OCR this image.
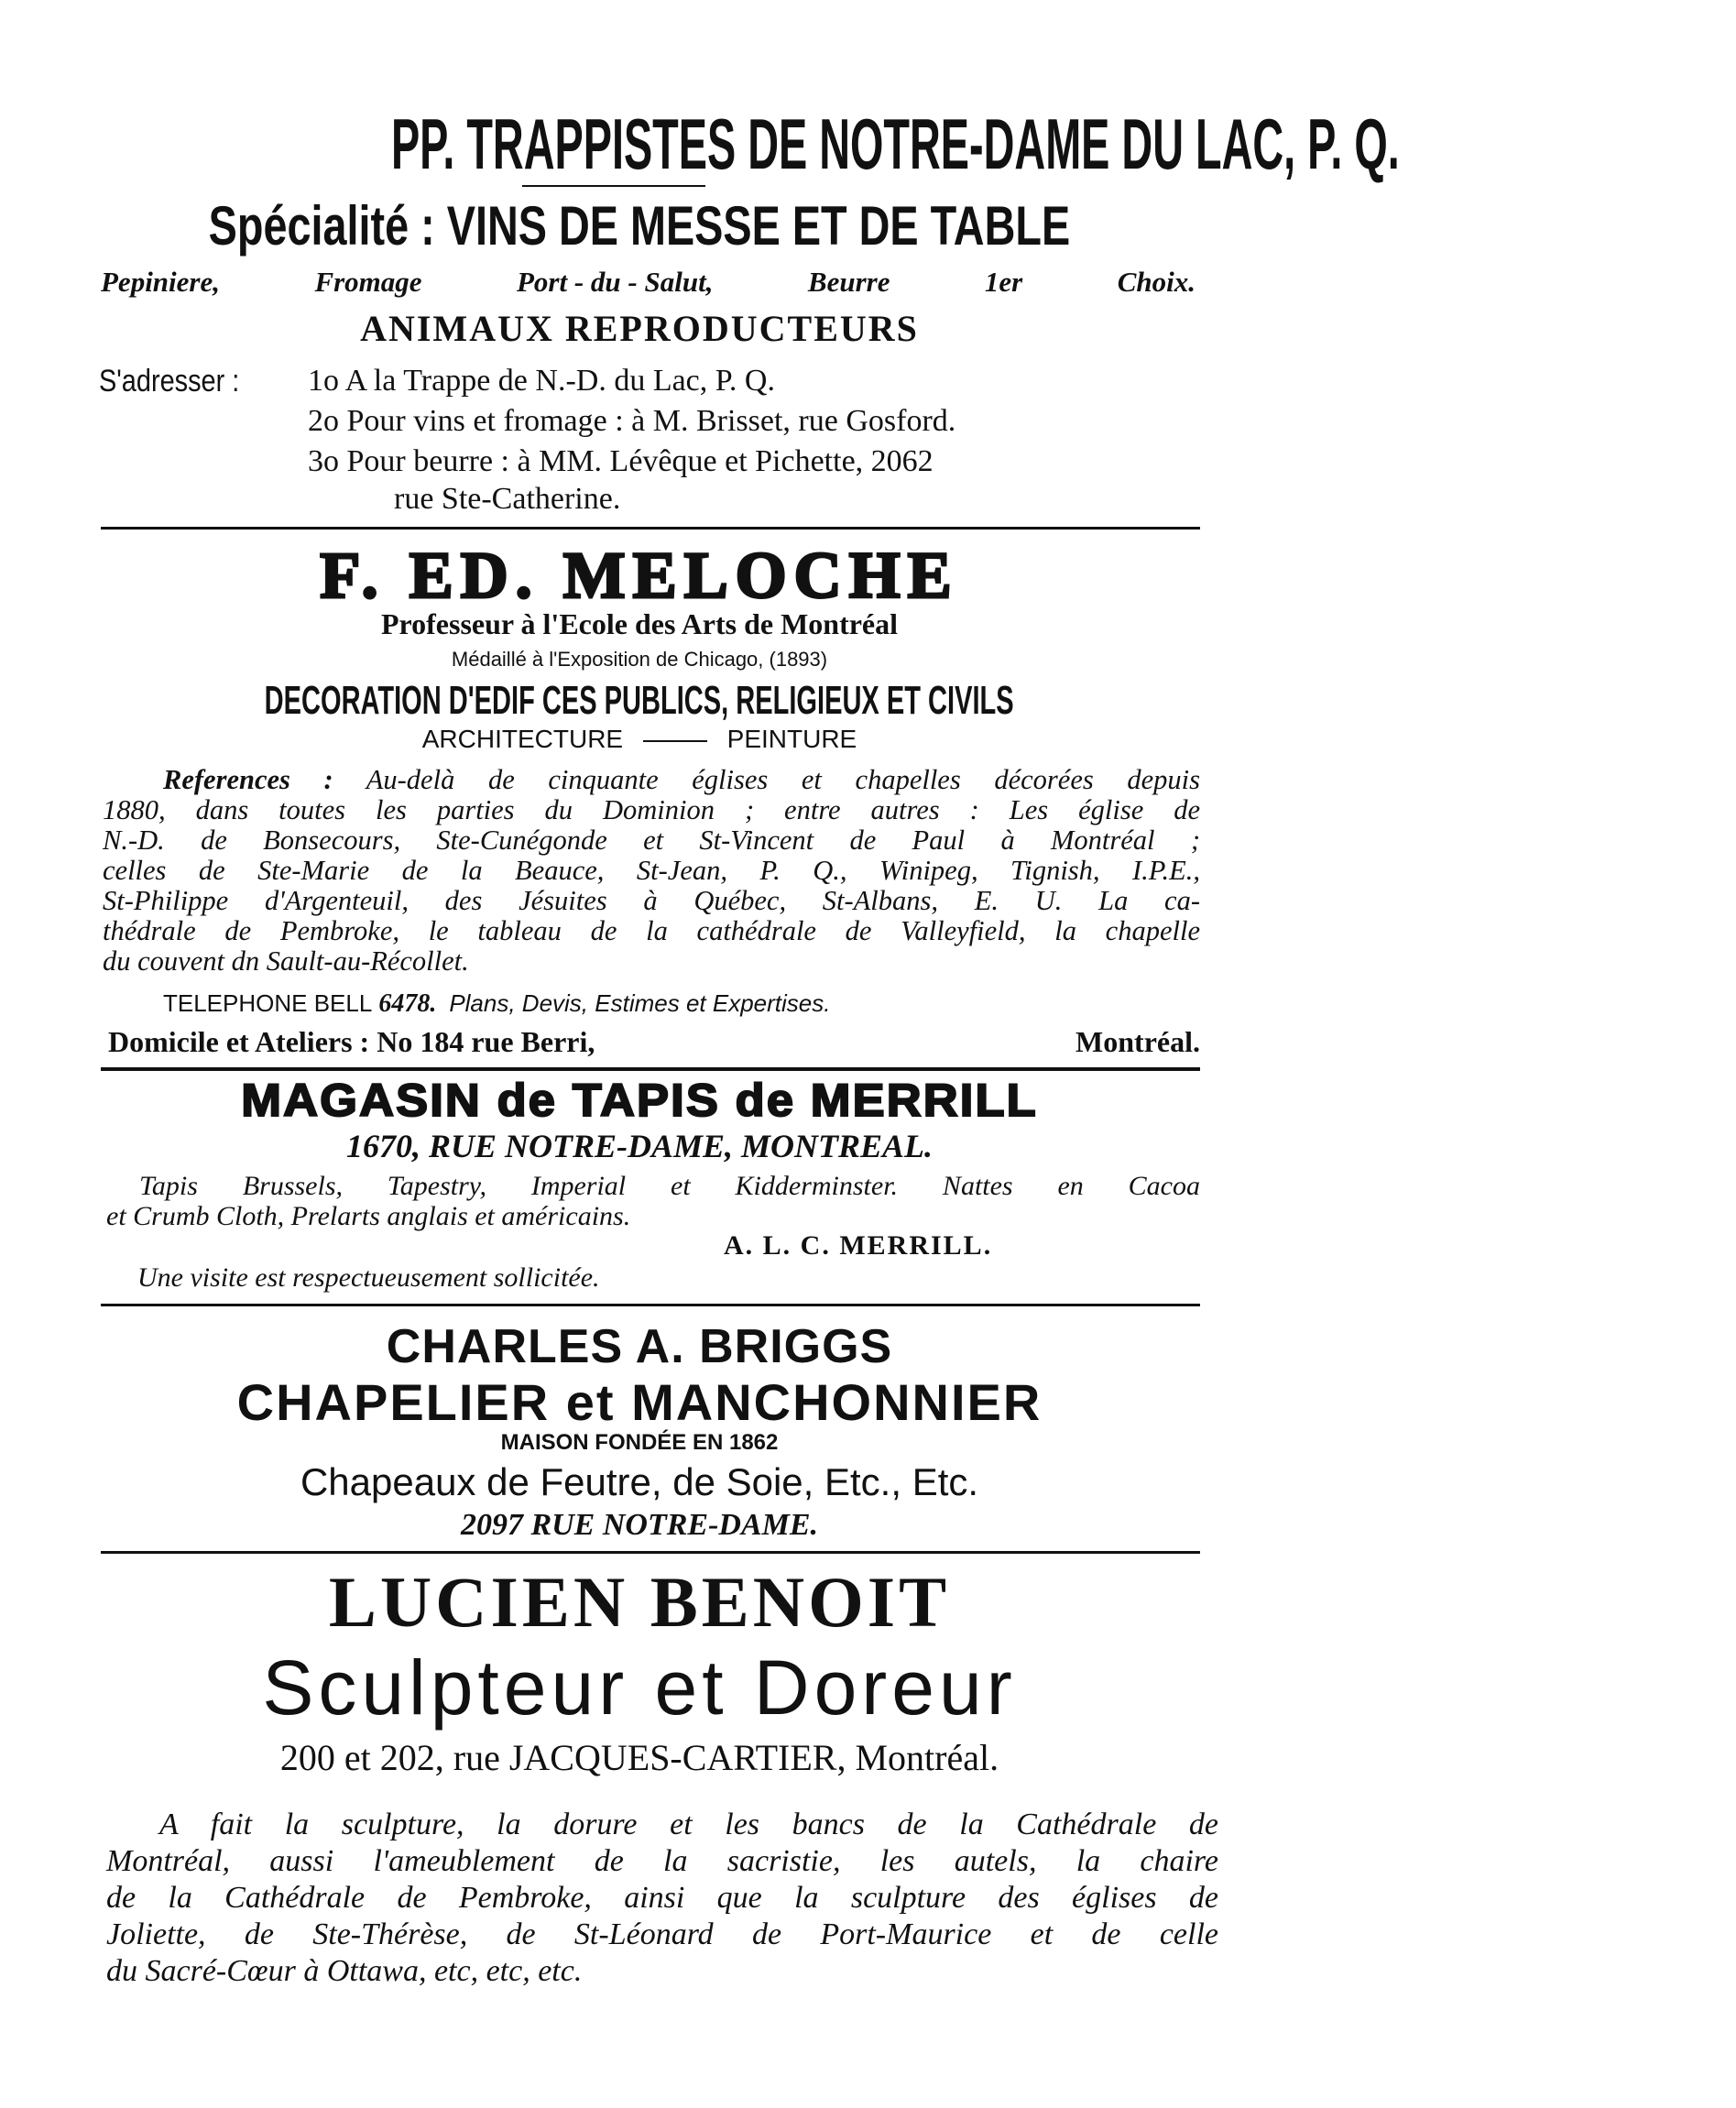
PP. TRAPPISTES DE NOTRE-DAME DU LAC, P. Q.
Spécialité : VINS DE MESSE ET DE TABLE
Pepiniere,	Fromage	Port - du - Salut,	Beurre	1er	Choix.
ANIMAUX REPRODUCTEURS
S'adresser : 1o A la Trappe de N.-D. du Lac, P. Q.
2o Pour vins et fromage : à M. Brisset, rue Gosford.
3o Pour beurre : à MM. Lévêque et Pichette, 2062
rue Ste-Catherine.
F. ED. MELOCHE
Professeur à l'Ecole des Arts de Montréal
Médaillé à l'Exposition de Chicago, (1893)
DECORATION D'EDIF CES PUBLICS, RELIGIEUX ET CIVILS
ARCHITECTURE	PEINTURE
References : Au-delà de cinquante églises et chapelles décorées depuis
1880, dans toutes les parties du Dominion ; entre autres : Les église de
N.-D. de Bonsecours, Ste-Cunégonde et St-Vincent de Paul à Montréal ;
celles de Ste-Marie de la Beauce, St-Jean, P. Q., Winipeg, Tignish, I.P.E.,
St-Philippe d'Argenteuil, des Jésuites à Québec, St-Albans, E. U. La ca-
thédrale de Pembroke, le tableau de la cathédrale de Valleyfield, la chapelle
du couvent dn Sault-au-Récollet.
TELEPHONE BELL 6478. Plans, Devis, Estimes et Expertises.
Domicile et Ateliers : No 184 rue Berri,	Montréal.
MAGASIN de TAPIS de MERRILL
1670, RUE NOTRE-DAME, MONTREAL.
Tapis Brussels, Tapestry, Imperial et Kidderminster. Nattes en Cacoa
et Crumb Cloth, Prelarts anglais et américains.
A. L. C. MERRILL.
Une visite est respectueusement sollicitée.
CHARLES A. BRIGGS
CHAPELIER et MANCHONNIER
MAISON FONDÉE EN 1862
Chapeaux de Feutre, de Soie, Etc., Etc.
2097 RUE NOTRE-DAME.
LUCIEN BENOIT
Sculpteur et Doreur
200 et 202, rue JACQUES-CARTIER, Montréal.
A fait la sculpture, la dorure et les bancs de la Cathédrale de
Montréal, aussi l'ameublement de la sacristie, les autels, la chaire
de la Cathédrale de Pembroke, ainsi que la sculpture des églises de
Joliette, de Ste-Thérèse, de St-Léonard de Port-Maurice et de celle
du Sacré-Cœur à Ottawa, etc, etc, etc.
